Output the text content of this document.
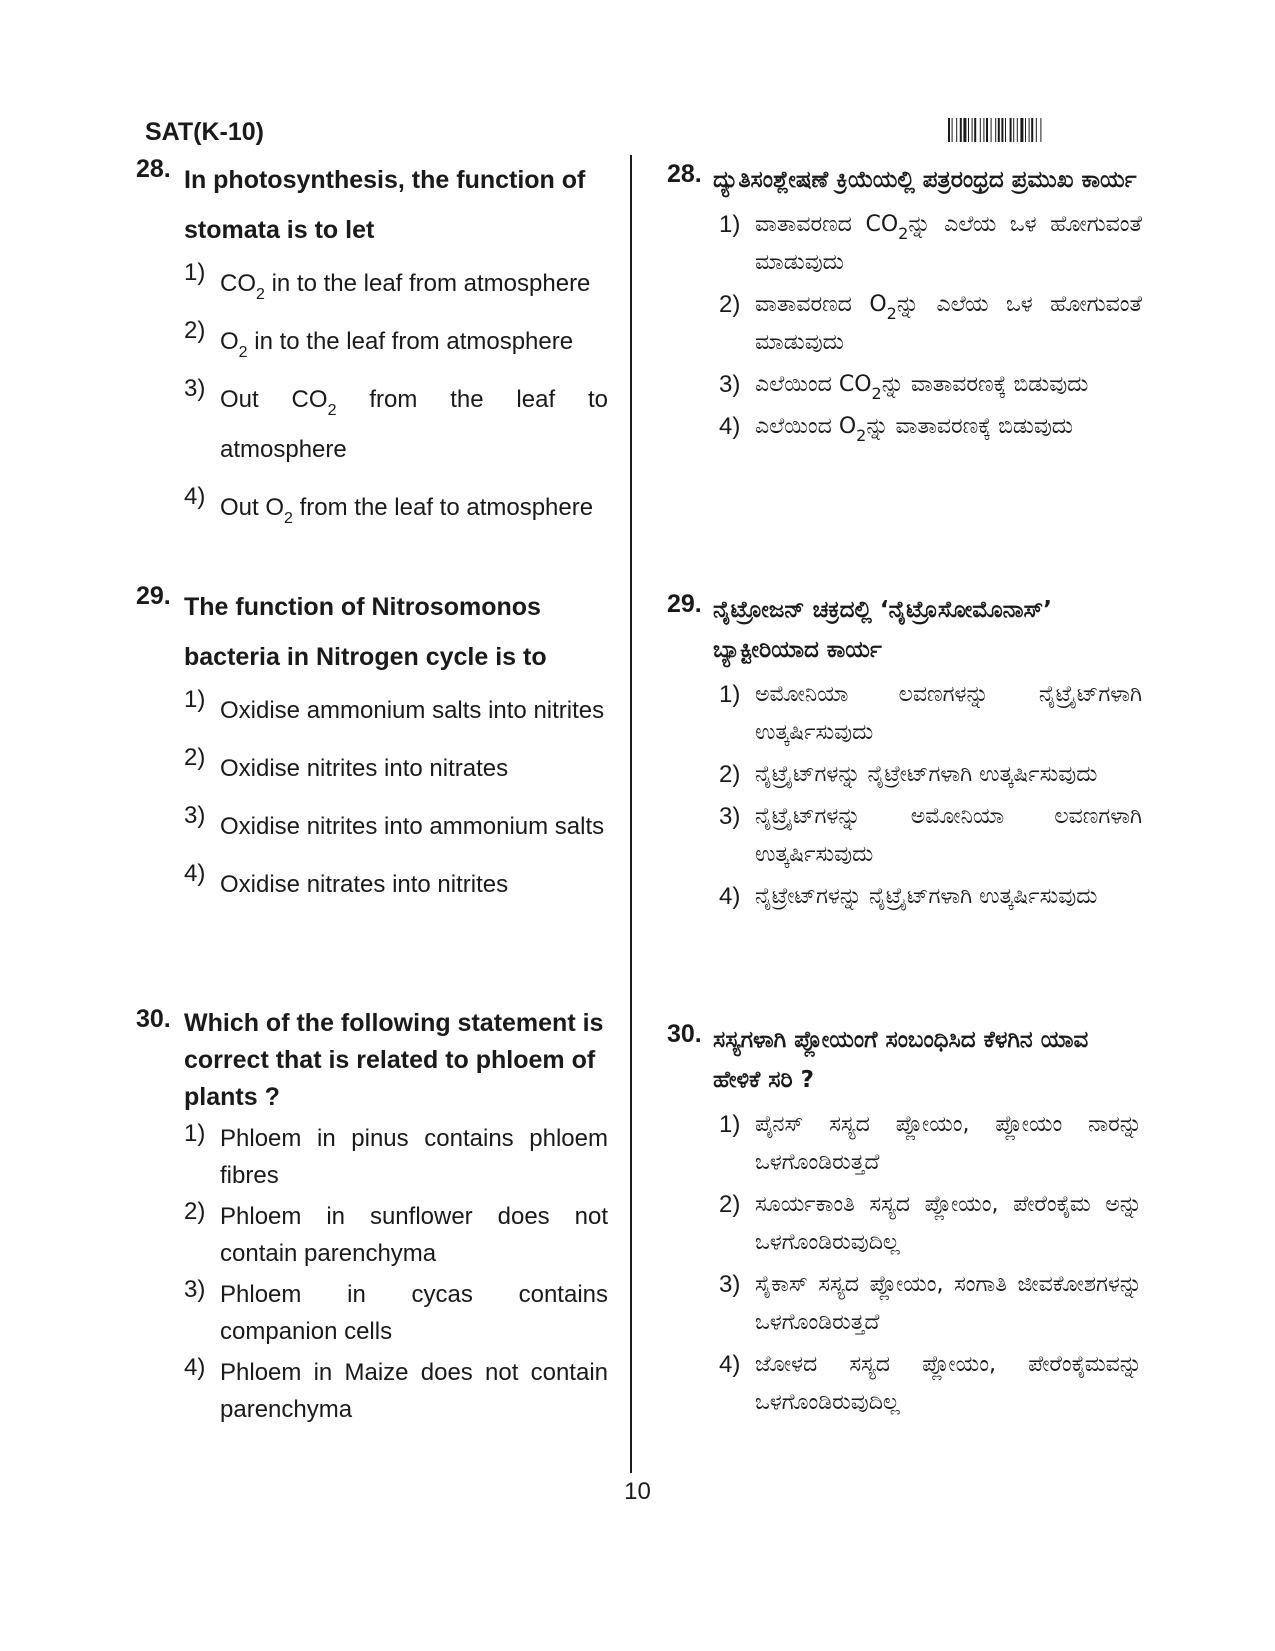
SAT(K-10)
28. In photosynthesis, the function of stomata is to let
1) $CO_2$ in to the leaf from atmosphere
2) $O_2$ in to the leaf from atmosphere
3) Out $CO_2$ from the leaf to atmosphere
4) Out $O_2$ from the leaf to atmosphere
29. The function of Nitrosomonos bacteria in Nitrogen cycle is to
1) Oxidise ammonium salts into nitrites
2) Oxidise nitrites into nitrates
3) Oxidise nitrites into ammonium salts
4) Oxidise nitrates into nitrites
30. Which of the following statement is correct that is related to phloem of plants ?
1) Phloem in pinus contains phloem fibres
2) Phloem in sunflower does not contain parenchyma
3) Phloem in cycas contains companion cells
4) Phloem in Maize does not contain parenchyma
28. ದ್ಯುತಿಸಂಶ್ಲೇಷಣೆ ಕ್ರಿಯೆಯಲ್ಲಿ ಪತ್ರರಂಧ್ರದ ಪ್ರಮುಖ ಕಾರ್ಯ
1) ವಾತಾವರಣದ $CO_2ನ್ನು$ ಎಲೆಯ ಒಳ ಹೋಗುವಂತೆ ಮಾಡುವುದು
2) ವಾತಾವರಣದ $O_2ನ್ನು$ ಎಲೆಯ ಒಳ ಹೋಗುವಂತೆ ಮಾಡುವುದು
3) ಎಲೆಯಿಂದ $CO_2ನ್ನು$ ವಾತಾವರಣಕ್ಕೆ ಬಿಡುವುದು
4) ಎಲೆಯಿಂದ $O_2ನ್ನು$ ವಾತಾವರಣಕ್ಕೆ ಬಿಡುವುದು
29. ನೈಟ್ರೋಜನ್ ಚಕ್ರದಲ್ಲಿ ‘ನೈಟ್ರೊಸೋಮೊನಾಸ್’ ಬ್ಯಾಕ್ಟೀರಿಯಾದ ಕಾರ್ಯ
1) ಅಮೋನಿಯಾ ಲವಣಗಳನ್ನು ನೈಟ್ರೈಟ್‌ಗಳಾಗಿ ಉತ್ಕರ್ಷಿಸುವುದು
2) ನೈಟ್ರೈಟ್‌ಗಳನ್ನು ನೈಟ್ರೇಟ್‌ಗಳಾಗಿ ಉತ್ಕರ್ಷಿಸುವುದು
3) ನೈಟ್ರೈಟ್‌ಗಳನ್ನು ಅಮೋನಿಯಾ ಲವಣಗಳಾಗಿ ಉತ್ಕರ್ಷಿಸುವುದು
4) ನೈಟ್ರೇಟ್‌ಗಳನ್ನು ನೈಟ್ರೈಟ್‌ಗಳಾಗಿ ಉತ್ಕರ್ಷಿಸುವುದು
30. ಸಸ್ಯಗಳಾಗಿ ಪ್ಲೋಯಂಗೆ ಸಂಬಂಧಿಸಿದ ಕೆಳಗಿನ ಯಾವ ಹೇಳಿಕೆ ಸರಿ ?
1) ಪೈನಸ್ ಸಸ್ಯದ ಪ್ಲೋಯಂ, ಪ್ಲೋಯಂ ನಾರನ್ನು ಒಳಗೊಂಡಿರುತ್ತದೆ
2) ಸೂರ್ಯಕಾಂತಿ ಸಸ್ಯದ ಪ್ಲೋಯಂ, ಪೇರೆಂಕೈಮ ಅನ್ನು ಒಳಗೊಂಡಿರುವುದಿಲ್ಲ
3) ಸೈಕಾಸ್ ಸಸ್ಯದ ಪ್ಲೋಯಂ, ಸಂಗಾತಿ ಜೀವಕೋಶಗಳನ್ನು ಒಳಗೊಂಡಿರುತ್ತದೆ
4) ಜೋಳದ ಸಸ್ಯದ ಪ್ಲೋಯಂ, ಪೇರೆಂಕೈಮವನ್ನು ಒಳಗೊಂಡಿರುವುದಿಲ್ಲ
10
